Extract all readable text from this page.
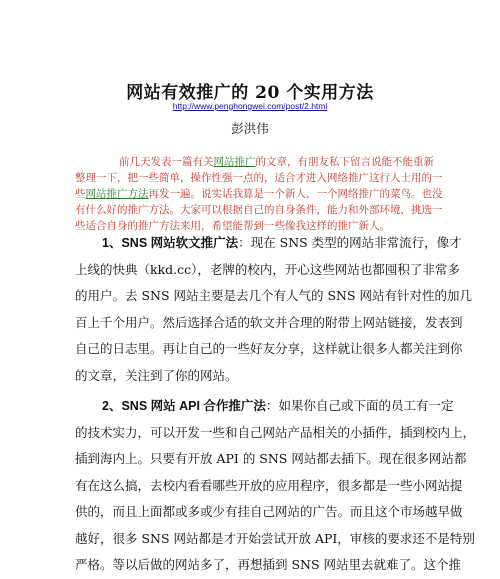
网站有效推广的 20 个实用方法
http://www.penghongwei.com/post/2.html
彭洪伟
前几天发表一篇有关网站推广的文章，有朋友私下留言说能不能重新
整理一下，把一些简单，操作性强一点的，适合才进入网络推广这行人士用的一
些网站推广方法再发一遍。说实话我算是一个新人，一个网络推广的菜鸟。也没
有什么好的推广方法。大家可以根据自己的自身条件，能力和外部环境，挑选一
些适合自身的推广方法来用，希望能帮到一些像我这样的推广新人。
1、SNS 网站软文推广法：现在 SNS 类型的网站非常流行，像才
上线的快典（kkd.cc），老牌的校内，开心这些网站也都囤积了非常多
的用户。去 SNS 网站主要是去几个有人气的 SNS 网站有针对性的加几
百上千个用户。然后选择合适的软文并合理的附带上网站链接，发表到
自己的日志里。再让自己的一些好友分享，这样就让很多人都关注到你
的文章，关注到了你的网站。
2、SNS 网站 API 合作推广法：如果你自己或下面的员工有一定
的技术实力，可以开发一些和自己网站产品相关的小插件，插到校内上，
插到海内上。只要有开放 API 的 SNS 网站都去插下。现在很多网站都
有在这么搞，去校内看看哪些开放的应用程序，很多都是一些小网站提
供的，而且上面都或多或少有挂自己网站的广告。而且这个市场越早做
越好，很多 SNS 网站都是才开始尝试开放 API，审核的要求还不是特别
严格。等以后做的网站多了，再想插到 SNS 网站里去就难了。这个推
